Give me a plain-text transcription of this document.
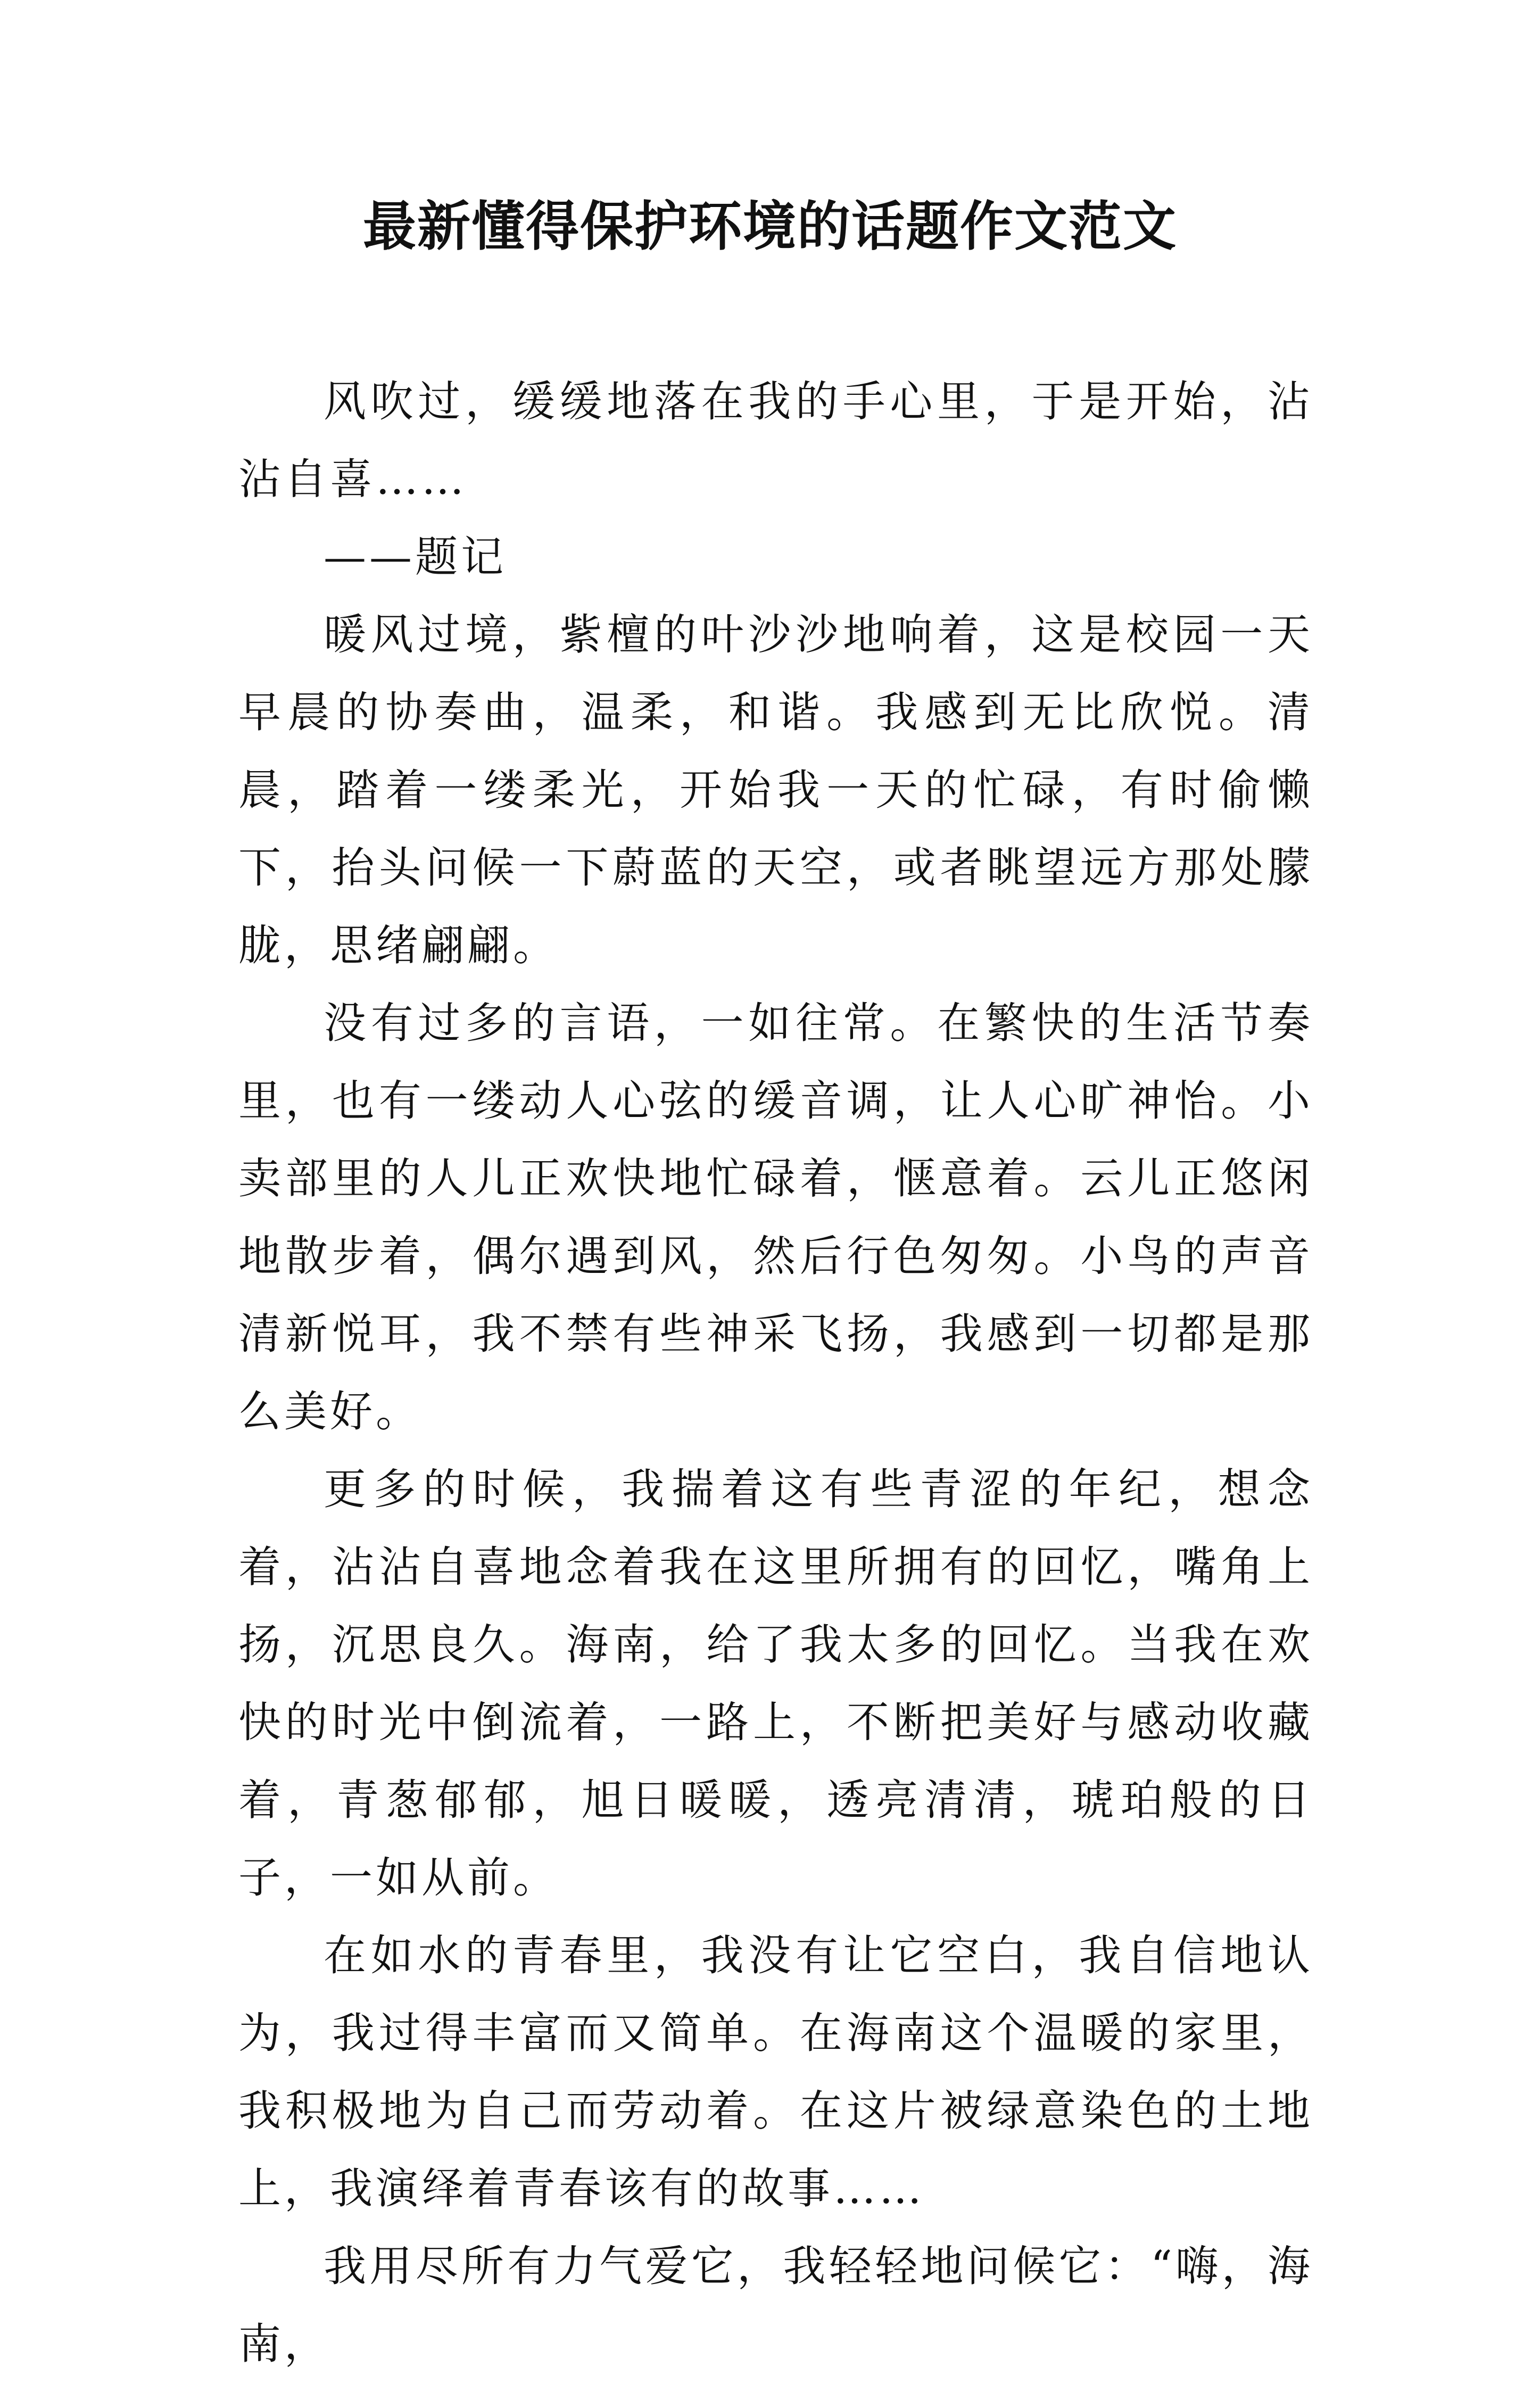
最新懂得保护环境的话题作文范文

风吹过，缓缓地落在我的手心里，于是开始，沾沾自喜……

——题记

暖风过境，紫檀的叶沙沙地响着，这是校园一天早晨的协奏曲，温柔，和谐。我感到无比欣悦。清晨，踏着一缕柔光，开始我一天的忙碌，有时偷懒下，抬头问候一下蔚蓝的天空，或者眺望远方那处朦胧，思绪翩翩。

没有过多的言语，一如往常。在繁快的生活节奏里，也有一缕动人心弦的缓音调，让人心旷神怡。小卖部里的人儿正欢快地忙碌着，惬意着。云儿正悠闲地散步着，偶尔遇到风，然后行色匆匆。小鸟的声音清新悦耳，我不禁有些神采飞扬，我感到一切都是那么美好。

更多的时候，我揣着这有些青涩的年纪，想念着，沾沾自喜地念着我在这里所拥有的回忆，嘴角上扬，沉思良久。海南，给了我太多的回忆。当我在欢快的时光中倒流着，一路上，不断把美好与感动收藏着，青葱郁郁，旭日暖暖，透亮清清，琥珀般的日子，一如从前。

在如水的青春里，我没有让它空白，我自信地认为，我过得丰富而又简单。在海南这个温暖的家里，我积极地为自己而劳动着。在这片被绿意染色的土地上，我演绎着青春该有的故事……

我用尽所有力气爱它，我轻轻地问候它：“嗨，海南，
